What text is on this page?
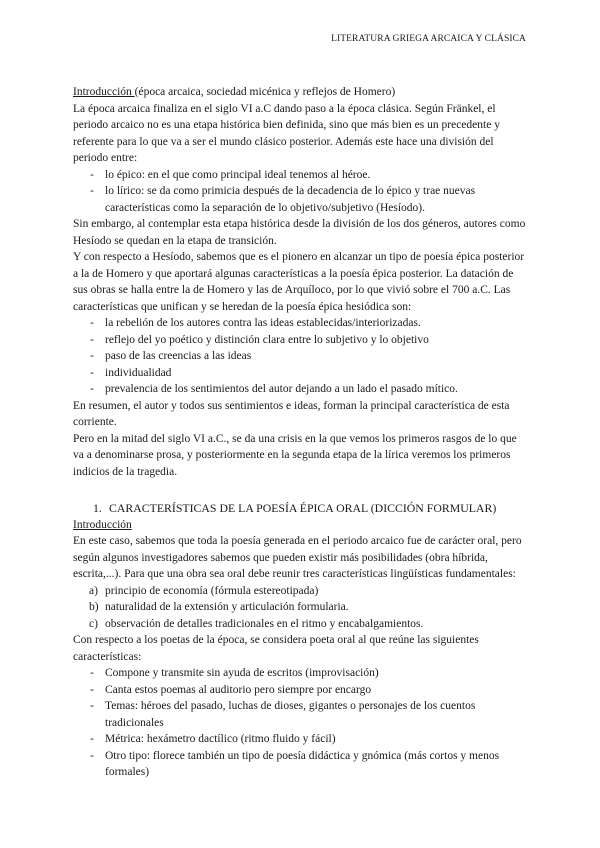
LITERATURA GRIEGA ARCAICA Y CLÁSICA

Introducción (época arcaica, sociedad micénica y reflejos de Homero)

La época arcaica finaliza en el siglo VI a.C dando paso a la época clásica. Según Fränkel, el periodo arcaico no es una etapa histórica bien definida, sino que más bien es un precedente y referente para lo que va a ser el mundo clásico posterior. Además este hace una división del periodo entre:

- lo épico: en el que como principal ideal tenemos al héroe.
- lo lírico: se da como primicia después de la decadencia de lo épico y trae nuevas características como la separación de lo objetivo/subjetivo (Hesíodo).

Sin embargo, al contemplar esta etapa histórica desde la división de los dos géneros, autores como Hesíodo se quedan en la etapa de transición.

Y con respecto a Hesíodo, sabemos que es el pionero en alcanzar un tipo de poesía épica posterior a la de Homero y que aportará algunas características a la poesía épica posterior. La datación de sus obras se halla entre la de Homero y las de Arquíloco, por lo que vivió sobre el 700 a.C. Las características que unifican y se heredan de la poesía épica hesiódica son:

- la rebelión de los autores contra las ideas establecidas/interiorizadas.
- reflejo del yo poético y distinción clara entre lo subjetivo y lo objetivo
- paso de las creencias a las ideas
- individualidad
- prevalencia de los sentimientos del autor dejando a un lado el pasado mítico.

En resumen, el autor y todos sus sentimientos e ideas, forman la principal característica de esta corriente.

Pero en la mitad del siglo VI a.C., se da una crisis en la que vemos los primeros rasgos de lo que va a denominarse prosa, y posteriormente en la segunda etapa de la lírica veremos los primeros indicios de la tragedia.

1. CARACTERÍSTICAS DE LA POESÍA ÉPICA ORAL (DICCIÓN FORMULAR)

Introducción

En este caso, sabemos que toda la poesía generada en el periodo arcaico fue de carácter oral, pero según algunos investigadores sabemos que pueden existir más posibilidades (obra híbrida, escrita,...). Para que una obra sea oral debe reunir tres características lingüísticas fundamentales:

a) principio de economía (fórmula estereotipada)
b) naturalidad de la extensión y articulación formularia.
c) observación de detalles tradicionales en el ritmo y encabalgamientos.

Con respecto a los poetas de la época, se considera poeta oral al que reúne las siguientes características:

- Compone y transmite sin ayuda de escritos (improvisación)
- Canta estos poemas al auditorio pero siempre por encargo
- Temas: héroes del pasado, luchas de dioses, gigantes o personajes de los cuentos tradicionales
- Métrica: hexámetro dactílico (ritmo fluido y fácil)
- Otro tipo: florece también un tipo de poesía didáctica y gnómica (más cortos y menos formales)
